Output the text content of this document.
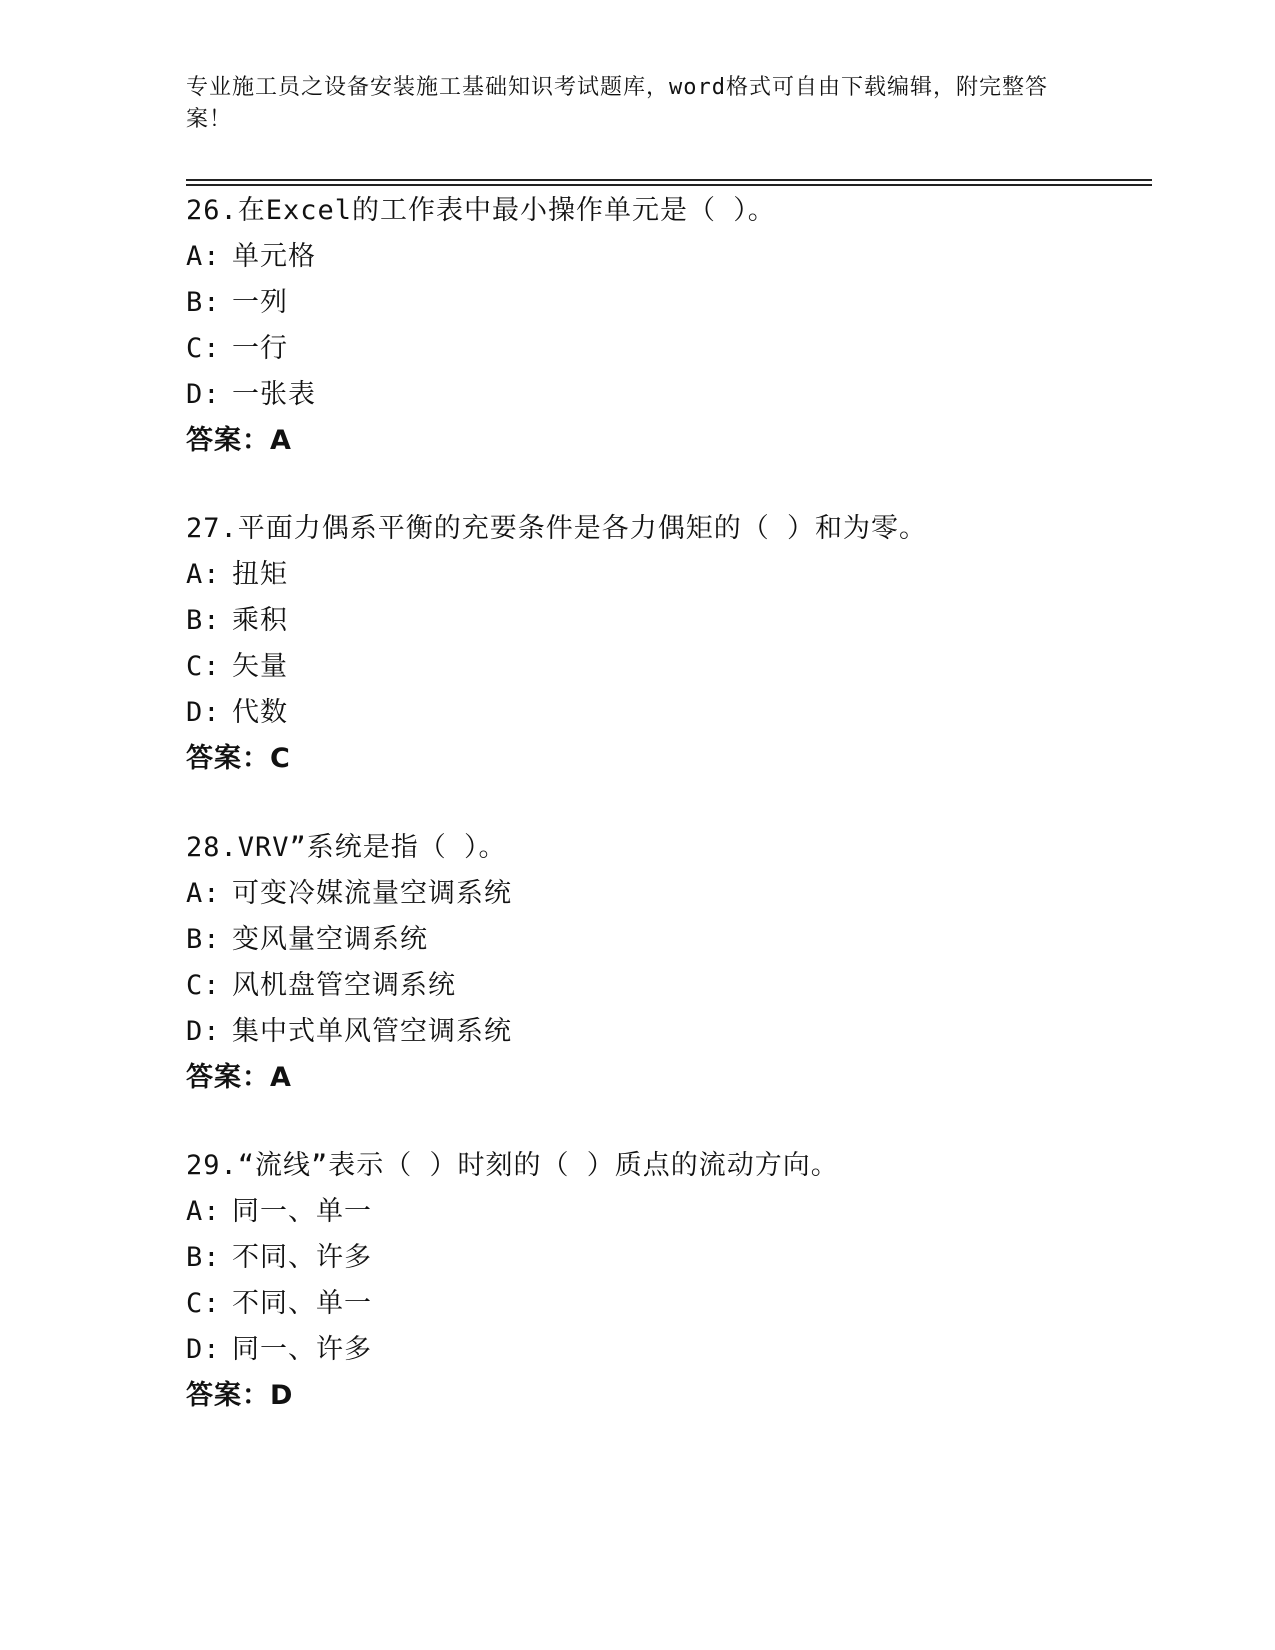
专业施工员之设备安装施工基础知识考试题库，word格式可自由下载编辑，附完整答案！
26.在Excel的工作表中最小操作单元是（ ）。
A: 单元格
B: 一列
C: 一行
D: 一张表
答案：A
27.平面力偶系平衡的充要条件是各力偶矩的（ ）和为零。
A: 扭矩
B: 乘积
C: 矢量
D: 代数
答案：C
28.VRV”系统是指（ ）。
A: 可变冷媒流量空调系统
B: 变风量空调系统
C: 风机盘管空调系统
D: 集中式单风管空调系统
答案：A
29.“流线”表示（ ）时刻的（ ）质点的流动方向。
A: 同一、单一
B: 不同、许多
C: 不同、单一
D: 同一、许多
答案：D
